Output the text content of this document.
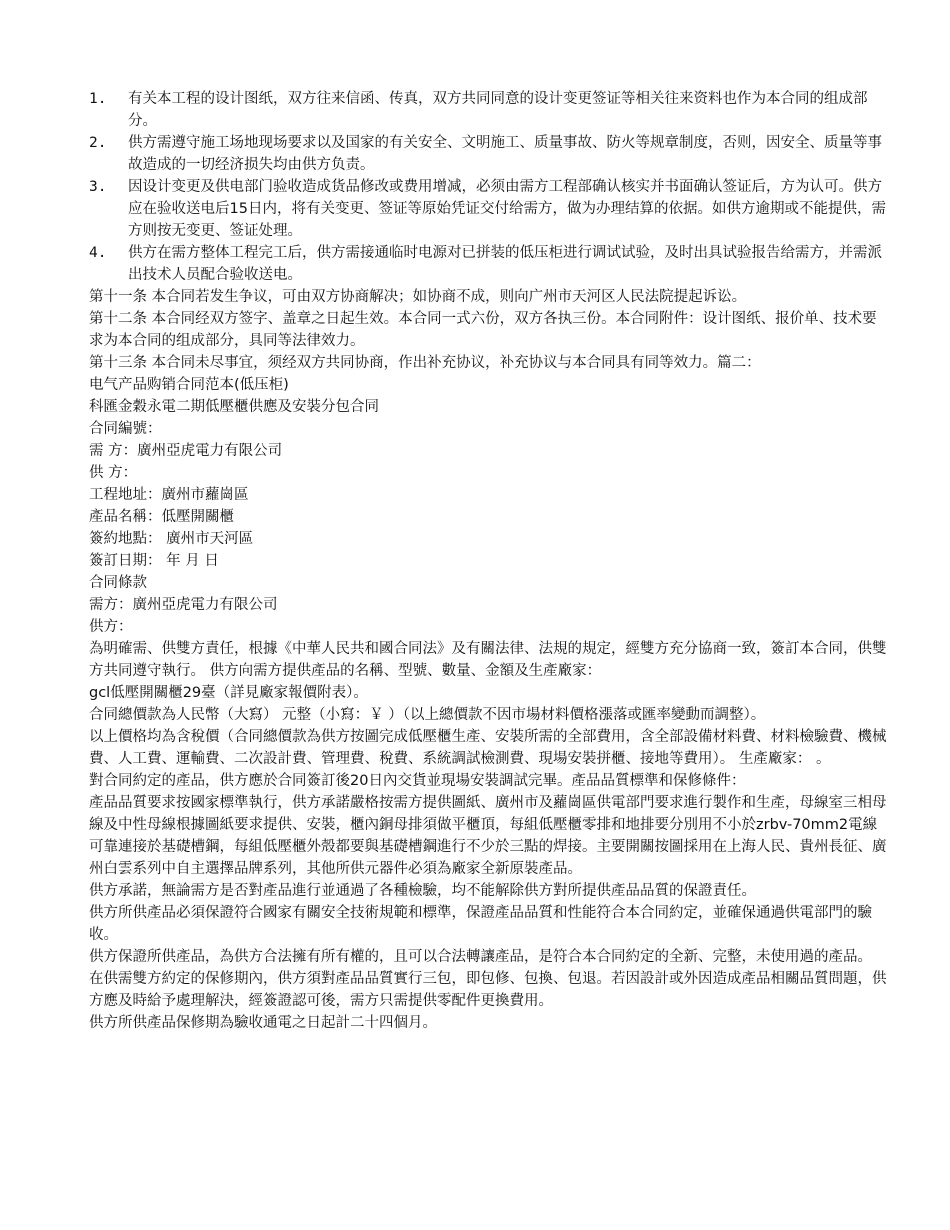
1. 有关本工程的设计图纸，双方往来信函、传真，双方共同同意的设计变更签证等相关往来资料也作为本合同的组成部分。
2. 供方需遵守施工场地现场要求以及国家的有关安全、文明施工、质量事故、防火等规章制度，否则，因安全、质量等事故造成的一切经济损失均由供方负责。
3. 因设计变更及供电部门验收造成货品修改或费用增减，必须由需方工程部确认核实并书面确认签证后，方为认可。供方应在验收送电后15日内，将有关变更、签证等原始凭证交付给需方，做为办理结算的依据。如供方逾期或不能提供，需方则按无变更、签证处理。
4. 供方在需方整体工程完工后，供方需接通临时电源对已拼装的低压柜进行调试试验，及时出具试验报告给需方，并需派出技术人员配合验收送电。

第十一条 本合同若发生争议，可由双方协商解决；如协商不成，则向广州市天河区人民法院提起诉讼。

第十二条 本合同经双方签字、盖章之日起生效。本合同一式六份，双方各执三份。本合同附件：设计图纸、报价单、技术要求为本合同的组成部分，具同等法律效力。

第十三条 本合同未尽事宜，须经双方共同协商，作出补充协议，补充协议与本合同具有同等效力。篇二：

电气产品购销合同范本(低压柜)

科匯金穀永電二期低壓櫃供應及安裝分包合同

合同編號：

需 方：廣州亞虎電力有限公司

供 方：

工程地址：廣州市蘿崗區

產品名稱：低壓開關櫃

簽約地點： 廣州市天河區

簽訂日期： 年 月 日

合同條款

需方：廣州亞虎電力有限公司

供方：

為明確需、供雙方責任，根據《中華人民共和國合同法》及有關法律、法規的規定，經雙方充分協商一致，簽訂本合同，供雙方共同遵守執行。 供方向需方提供產品的名稱、型號、數量、金額及生產廠家：

gcl低壓開關櫃29臺（詳見廠家報價附表）。

合同總價款為人民幣（大寫） 元整（小寫：￥ ）（以上總價款不因市場材料價格漲落或匯率變動而調整）。

以上價格均為含稅價（合同總價款為供方按圖完成低壓櫃生產、安裝所需的全部費用，含全部設備材料費、材料檢驗費、機械費、人工費、運輸費、二次設計費、管理費、稅費、系統調試檢測費、現場安裝拼櫃、接地等費用）。 生產廠家： 。

對合同約定的產品，供方應於合同簽訂後20日內交貨並現場安裝調試完畢。產品品質標準和保修條件：

產品品質要求按國家標準執行，供方承諾嚴格按需方提供圖紙、廣州市及蘿崗區供電部門要求進行製作和生產，母線室三相母線及中性母線根據圖紙要求提供、安裝，櫃內銅母排須做平櫃頂，每組低壓櫃零排和地排要分別用不小於zrbv-70mm2電線可靠連接於基礎槽鋼，每組低壓櫃外殼都要與基礎槽鋼進行不少於三點的焊接。主要開關按圖採用在上海人民、貴州長征、廣州白雲系列中自主選擇品牌系列，其他所供元器件必須為廠家全新原裝產品。

供方承諾，無論需方是否對產品進行並通過了各種檢驗，均不能解除供方對所提供產品品質的保證責任。

供方所供產品必須保證符合國家有關安全技術規範和標準，保證產品品質和性能符合本合同約定，並確保通過供電部門的驗收。

供方保證所供產品，為供方合法擁有所有權的，且可以合法轉讓產品，是符合本合同約定的全新、完整，未使用過的產品。

在供需雙方約定的保修期內，供方須對產品品質實行三包，即包修、包換、包退。若因設計或外因造成產品相關品質問題，供方應及時給予處理解決，經簽證認可後，需方只需提供零配件更換費用。

供方所供產品保修期為驗收通電之日起計二十四個月。
